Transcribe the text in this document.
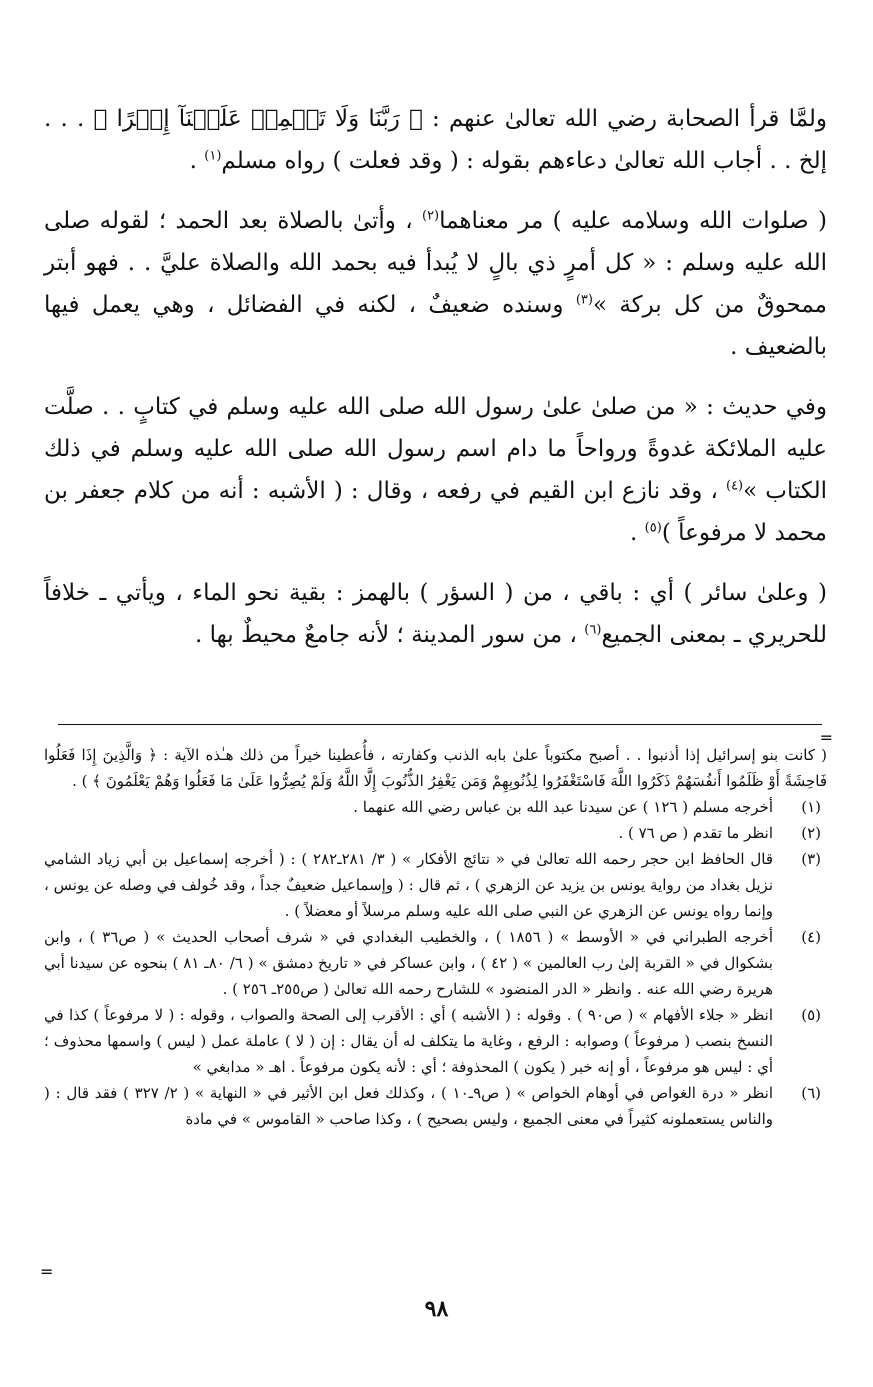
ولمَّا قرأ الصحابة رضي الله تعالىٰ عنهم : ﴿ رَبَّنَا وَلَا تَحۡمِلۡ عَلَيۡنَآ إِصۡرًا ﴾ . . . إلخ . . أجاب الله تعالىٰ دعاءهم بقوله : ( وقد فعلت ) رواه مسلم$^{(١)}$ .

( صلوات الله وسلامه عليه ) مر معناهما$^{(٢)}$ ، وأتىٰ بالصلاة بعد الحمد ؛ لقوله صلى الله عليه وسلم : « كل أمرٍ ذي بالٍ لا يُبدأ فيه بحمد الله والصلاة عليَّ . . فهو أبتر ممحوقٌ من كل بركة »$^{(٣)}$ وسنده ضعيفٌ ، لكنه في الفضائل ، وهي يعمل فيها بالضعيف .

وفي حديث : « من صلىٰ علىٰ رسول الله صلى الله عليه وسلم في كتابٍ . . صلَّت عليه الملائكة غدوةً ورواحاً ما دام اسم رسول الله صلى الله عليه وسلم في ذلك الكتاب »$^{(٤)}$ ، وقد نازع ابن القيم في رفعه ، وقال : ( الأشبه : أنه من كلام جعفر بن محمد لا مرفوعاً )$^{(٥)}$ .

( وعلىٰ سائر ) أي : باقي ، من ( السؤر ) بالهمز : بقية نحو الماء ، ويأتي ـ خلافاً للحريري ـ بمعنى الجميع$^{(٦)}$ ، من سور المدينة ؛ لأنه جامعٌ محيطٌ بها .

=
( كانت بنو إسرائيل إذا أذنبوا . . أصبح مكتوباً علىٰ بابه الذنب وكفارته ، فأُعطينا خيراً من ذلك هـٰذه الآية : ﴿ وَالَّذِينَ إِذَا فَعَلُوا فَاحِشَةً أَوْ ظَلَمُوا أَنفُسَهُمْ ذَكَرُوا اللَّهَ فَاسْتَغْفَرُوا لِذُنُوبِهِمْ وَمَن يَغْفِرُ الذُّنُوبَ إِلَّا اللَّهُ وَلَمْ يُصِرُّوا عَلَىٰ مَا فَعَلُوا وَهُمْ يَعْلَمُونَ ﴾ ) .
(١)
أخرجه مسلم ( ١٢٦ ) عن سيدنا عبد الله بن عباس رضي الله عنهما .
(٢)
انظر ما تقدم ( ص ٧٦ ) .
(٣)
قال الحافظ ابن حجر رحمه الله تعالىٰ في « نتائج الأفكار » ( ٣/ ٢٨١ـ٢٨٢ ) : ( أخرجه إسماعيل بن أبي زياد الشامي نزيل بغداد من رواية يونس بن يزيد عن الزهري ) ، ثم قال : ( وإسماعيل ضعيفٌ جداً ، وقد خُولف في وصله عن يونس ، وإنما رواه يونس عن الزهري عن النبي صلى الله عليه وسلم مرسلاً أو معضلاً ) .
(٤)
أخرجه الطبراني في « الأوسط » ( ١٨٥٦ ) ، والخطيب البغدادي في « شرف أصحاب الحديث » ( ص٣٦ ) ، وابن بشكوال في « القربة إلىٰ رب العالمين » ( ٤٢ ) ، وابن عساكر في « تاريخ دمشق » ( ٦/ ٨٠ـ ٨١ ) بنحوه عن سيدنا أبي هريرة رضي الله عنه . وانظر « الدر المنضود » للشارح رحمه الله تعالىٰ ( ص٢٥٥ـ ٢٥٦ ) .
(٥)
انظر « جلاء الأفهام » ( ص٩٠ ) . وقوله : ( الأشبه ) أي : الأقرب إلى الصحة والصواب ، وقوله : ( لا مرفوعاً ) كذا في النسخ بنصب ( مرفوعاً ) وصوابه : الرفع ، وغاية ما يتكلف له أن يقال : إن ( لا ) عاملة عمل ( ليس ) واسمها محذوف ؛ أي : ليس هو مرفوعاً ، أو إنه خبر ( يكون ) المحذوفة ؛ أي : لأنه يكون مرفوعاً . اهـ « مدابغي »
(٦)
انظر « درة الغواص في أوهام الخواص » ( ص٩ـ١٠ ) ، وكذلك فعل ابن الأثير في « النهاية » ( ٢/ ٣٢٧ ) فقد قال : ( والناس يستعملونه كثيراً في معنى الجميع ، وليس بصحيح ) ، وكذا صاحب « القاموس » في مادة
=
٩٨
